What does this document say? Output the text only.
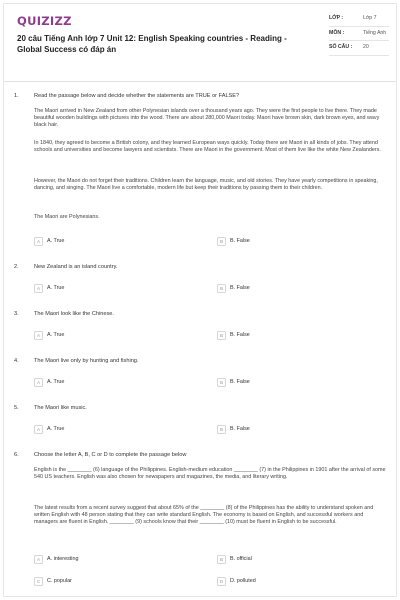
QUIZIZZ
20 câu Tiếng Anh lớp 7 Unit 12: English Speaking countries - Reading - Global Success có đáp án
LỚP :	Lớp 7
MÔN :	Tiếng Anh
SỐ CÂU : 20
1.	Read the passage below and decide whether the statements are TRUE or FALSE?
The Maori arrived in New Zealand from other Polynesian islands over a thousand years ago. They were the first people to live there. They made beautiful wooden buildings with pictures into the wood. There are about 280,000 Maori today. Maori have brown skin, dark brown eyes, and wavy black hair.
In 1840, they agreed to become a British colony, and they learned European ways quickly. Today there are Maori in all kinds of jobs. They attend schools and universities and become lawyers and scientists. There are Maori in the government. Most of them live like the white New Zealanders.
However, the Maori do not forget their traditions. Children learn the language, music, and old stories. They have yearly competitions in speaking, dancing, and singing. The Maori live a comfortable, modern life but keep their traditions by passing them to their children.
The Maori are Polynesians.
A	A. True	B	B. False
2.	New Zealand is an island country.
A	A. True	B	B. False
3.	The Maori look like the Chinese.
A	A. True	B	B. False
4.	The Maori live only by hunting and fishing.
A	A. True	B	B. False
5.	The Maori like music.
A	A. True	B	B. False
6.	Choose the letter A, B, C or D to complete the passage below
English is the ________ (6) language of the Philippines. English-medium education ________ (7) in the Philippines in 1901 after the arrival of some 540 US teachers. English was also chosen for newspapers and magazines, the media, and literary writing.
The latest results from a recent survey suggest that about 65% of the ________ (8) of the Philippines has the ability to understand spoken and written English with 48 person stating that they can write standard English. The economy is based on English, and successful workers and managers are fluent in English. ________ (9) schools know that their ________ (10) must be fluent in English to be successful.
A	A. interesting	B	B. official
C	C. popular	D	D. polluted
